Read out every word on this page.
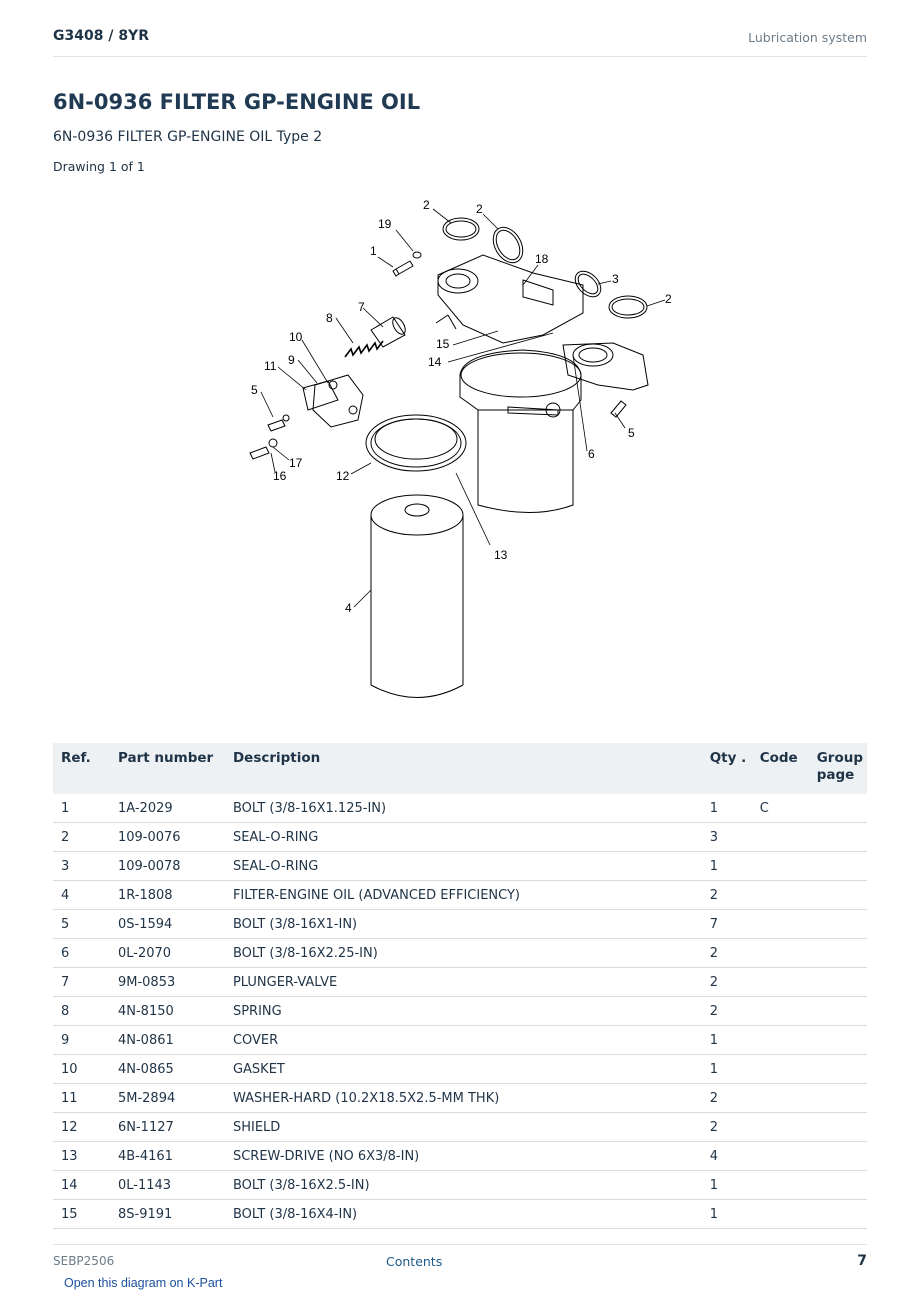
G3408 / 8YR	Lubrication system
6N-0936 FILTER GP-ENGINE OIL
6N-0936 FILTER GP-ENGINE OIL Type 2
Drawing 1 of 1
2	2
19
1
18
3
2
7
8
10	15
14
11 9
5
17
16	12
5
6
13
4
Ref.	Part number	Description	Qty .	Code	Group page
1	1A-2029	BOLT (3/8-16X1.125-IN)	1	C	
2	109-0076	SEAL-O-RING	3		
3	109-0078	SEAL-O-RING	1		
4	1R-1808	FILTER-ENGINE OIL (ADVANCED EFFICIENCY)	2		
5	0S-1594	BOLT (3/8-16X1-IN)	7		
6	0L-2070	BOLT (3/8-16X2.25-IN)	2		
7	9M-0853	PLUNGER-VALVE	2		
8	4N-8150	SPRING	2		
9	4N-0861	COVER	1		
10	4N-0865	GASKET	1		
11	5M-2894	WASHER-HARD (10.2X18.5X2.5-MM THK)	2		
12	6N-1127	SHIELD	2		
13	4B-4161	SCREW-DRIVE (NO 6X3/8-IN)	4		
14	0L-1143	BOLT (3/8-16X2.5-IN)	1		
15	8S-9191	BOLT (3/8-16X4-IN)	1		
SEBP2506	Contents	7
Open this diagram on K-Part
